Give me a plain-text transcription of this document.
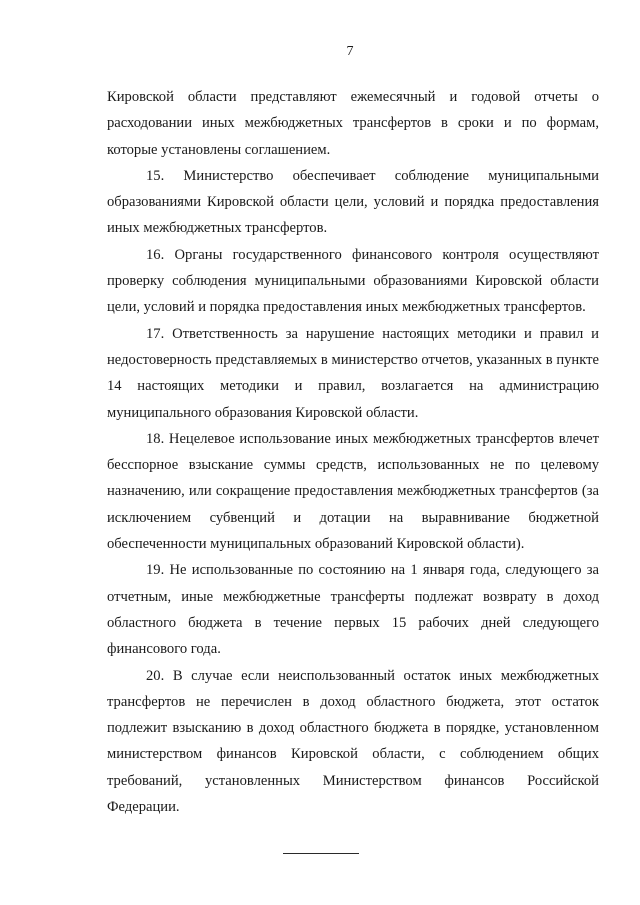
7

Кировской области представляют ежемесячный и годовой отчеты о расходовании иных межбюджетных трансфертов в сроки и по формам, которые установлены соглашением.

15. Министерство обеспечивает соблюдение муниципальными образованиями Кировской области цели, условий и порядка предоставления иных межбюджетных трансфертов.

16. Органы государственного финансового контроля осуществляют проверку соблюдения муниципальными образованиями Кировской области цели, условий и порядка предоставления иных межбюджетных трансфертов.

17. Ответственность за нарушение настоящих методики и правил и недостоверность представляемых в министерство отчетов, указанных в пункте 14 настоящих методики и правил, возлагается на администрацию муниципального образования Кировской области.

18. Нецелевое использование иных межбюджетных трансфертов влечет бесспорное взыскание суммы средств, использованных не по целевому назначению, или сокращение предоставления межбюджетных трансфертов (за исключением субвенций и дотации на выравнивание бюджетной обеспеченности муниципальных образований Кировской области).

19. Не использованные по состоянию на 1 января года, следующего за отчетным, иные межбюджетные трансферты подлежат возврату в доход областного бюджета в течение первых 15 рабочих дней следующего финансового года.

20. В случае если неиспользованный остаток иных межбюджетных трансфертов не перечислен в доход областного бюджета, этот остаток подлежит взысканию в доход областного бюджета в порядке, установленном министерством финансов Кировской области, с соблюдением общих требований, установленных Министерством финансов Российской Федерации.
